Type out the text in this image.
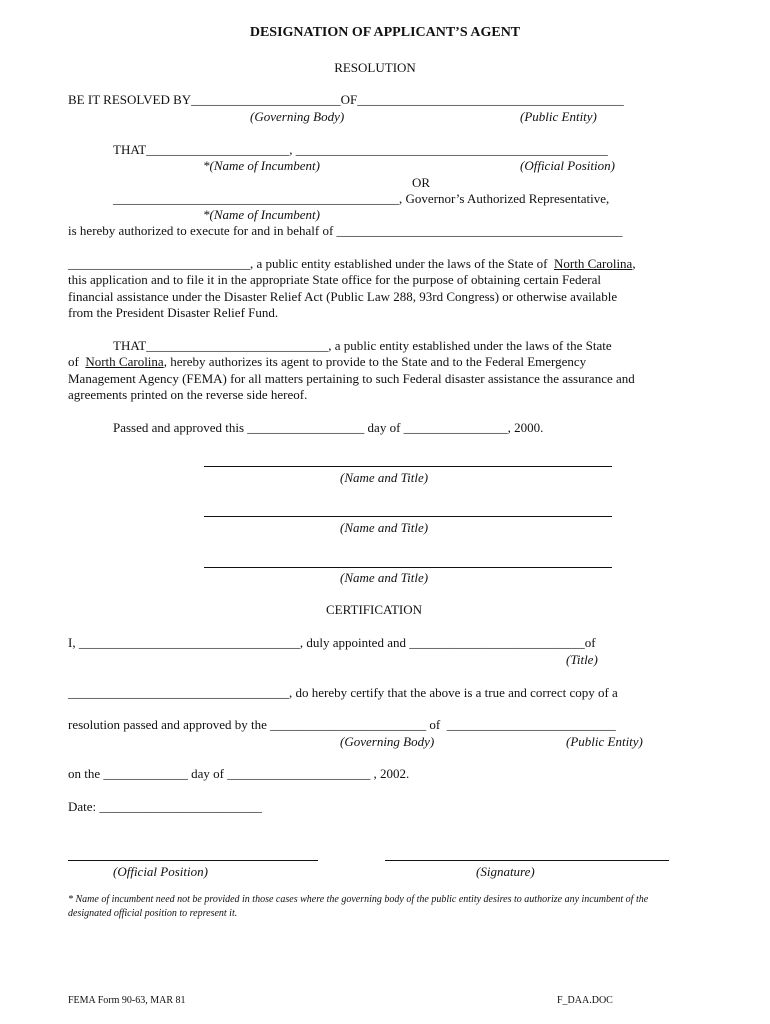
DESIGNATION OF APPLICANT’S AGENT
RESOLUTION
BE IT RESOLVED BY_______________________OF_________________________________________
(Governing Body)	(Public Entity)
THAT______________________, ________________________________________________
*(Name of Incumbent)	(Official Position)
OR
____________________________________________, Governor’s Authorized Representative,
*(Name of Incumbent)
is hereby authorized to execute for and in behalf of ____________________________________________
____________________________, a public entity established under the laws of the State of  North Carolina,
this application and to file it in the appropriate State office for the purpose of obtaining certain Federal
financial assistance under the Disaster Relief Act (Public Law 288, 93rd Congress) or otherwise available
from the President Disaster Relief Fund.
THAT____________________________, a public entity established under the laws of the State
of  North Carolina, hereby authorizes its agent to provide to the State and to the Federal Emergency
Management Agency (FEMA) for all matters pertaining to such Federal disaster assistance the assurance and
agreements printed on the reverse side hereof.
Passed and approved this __________________ day of ________________, 2000.
(Name and Title)
(Name and Title)
(Name and Title)
CERTIFICATION
I, __________________________________, duly appointed and ___________________________of
(Title)
__________________________________, do hereby certify that the above is a true and correct copy of a
resolution passed and approved by the ________________________ of  __________________________
(Governing Body)	(Public Entity)
on the _____________ day of ______________________ , 2002.
Date: _________________________
(Official Position)	(Signature)
* Name of incumbent need not be provided in those cases where the governing body of the public entity desires to authorize any incumbent of the designated official position to represent it.
FEMA Form 90-63, MAR 81	F_DAA.DOC
